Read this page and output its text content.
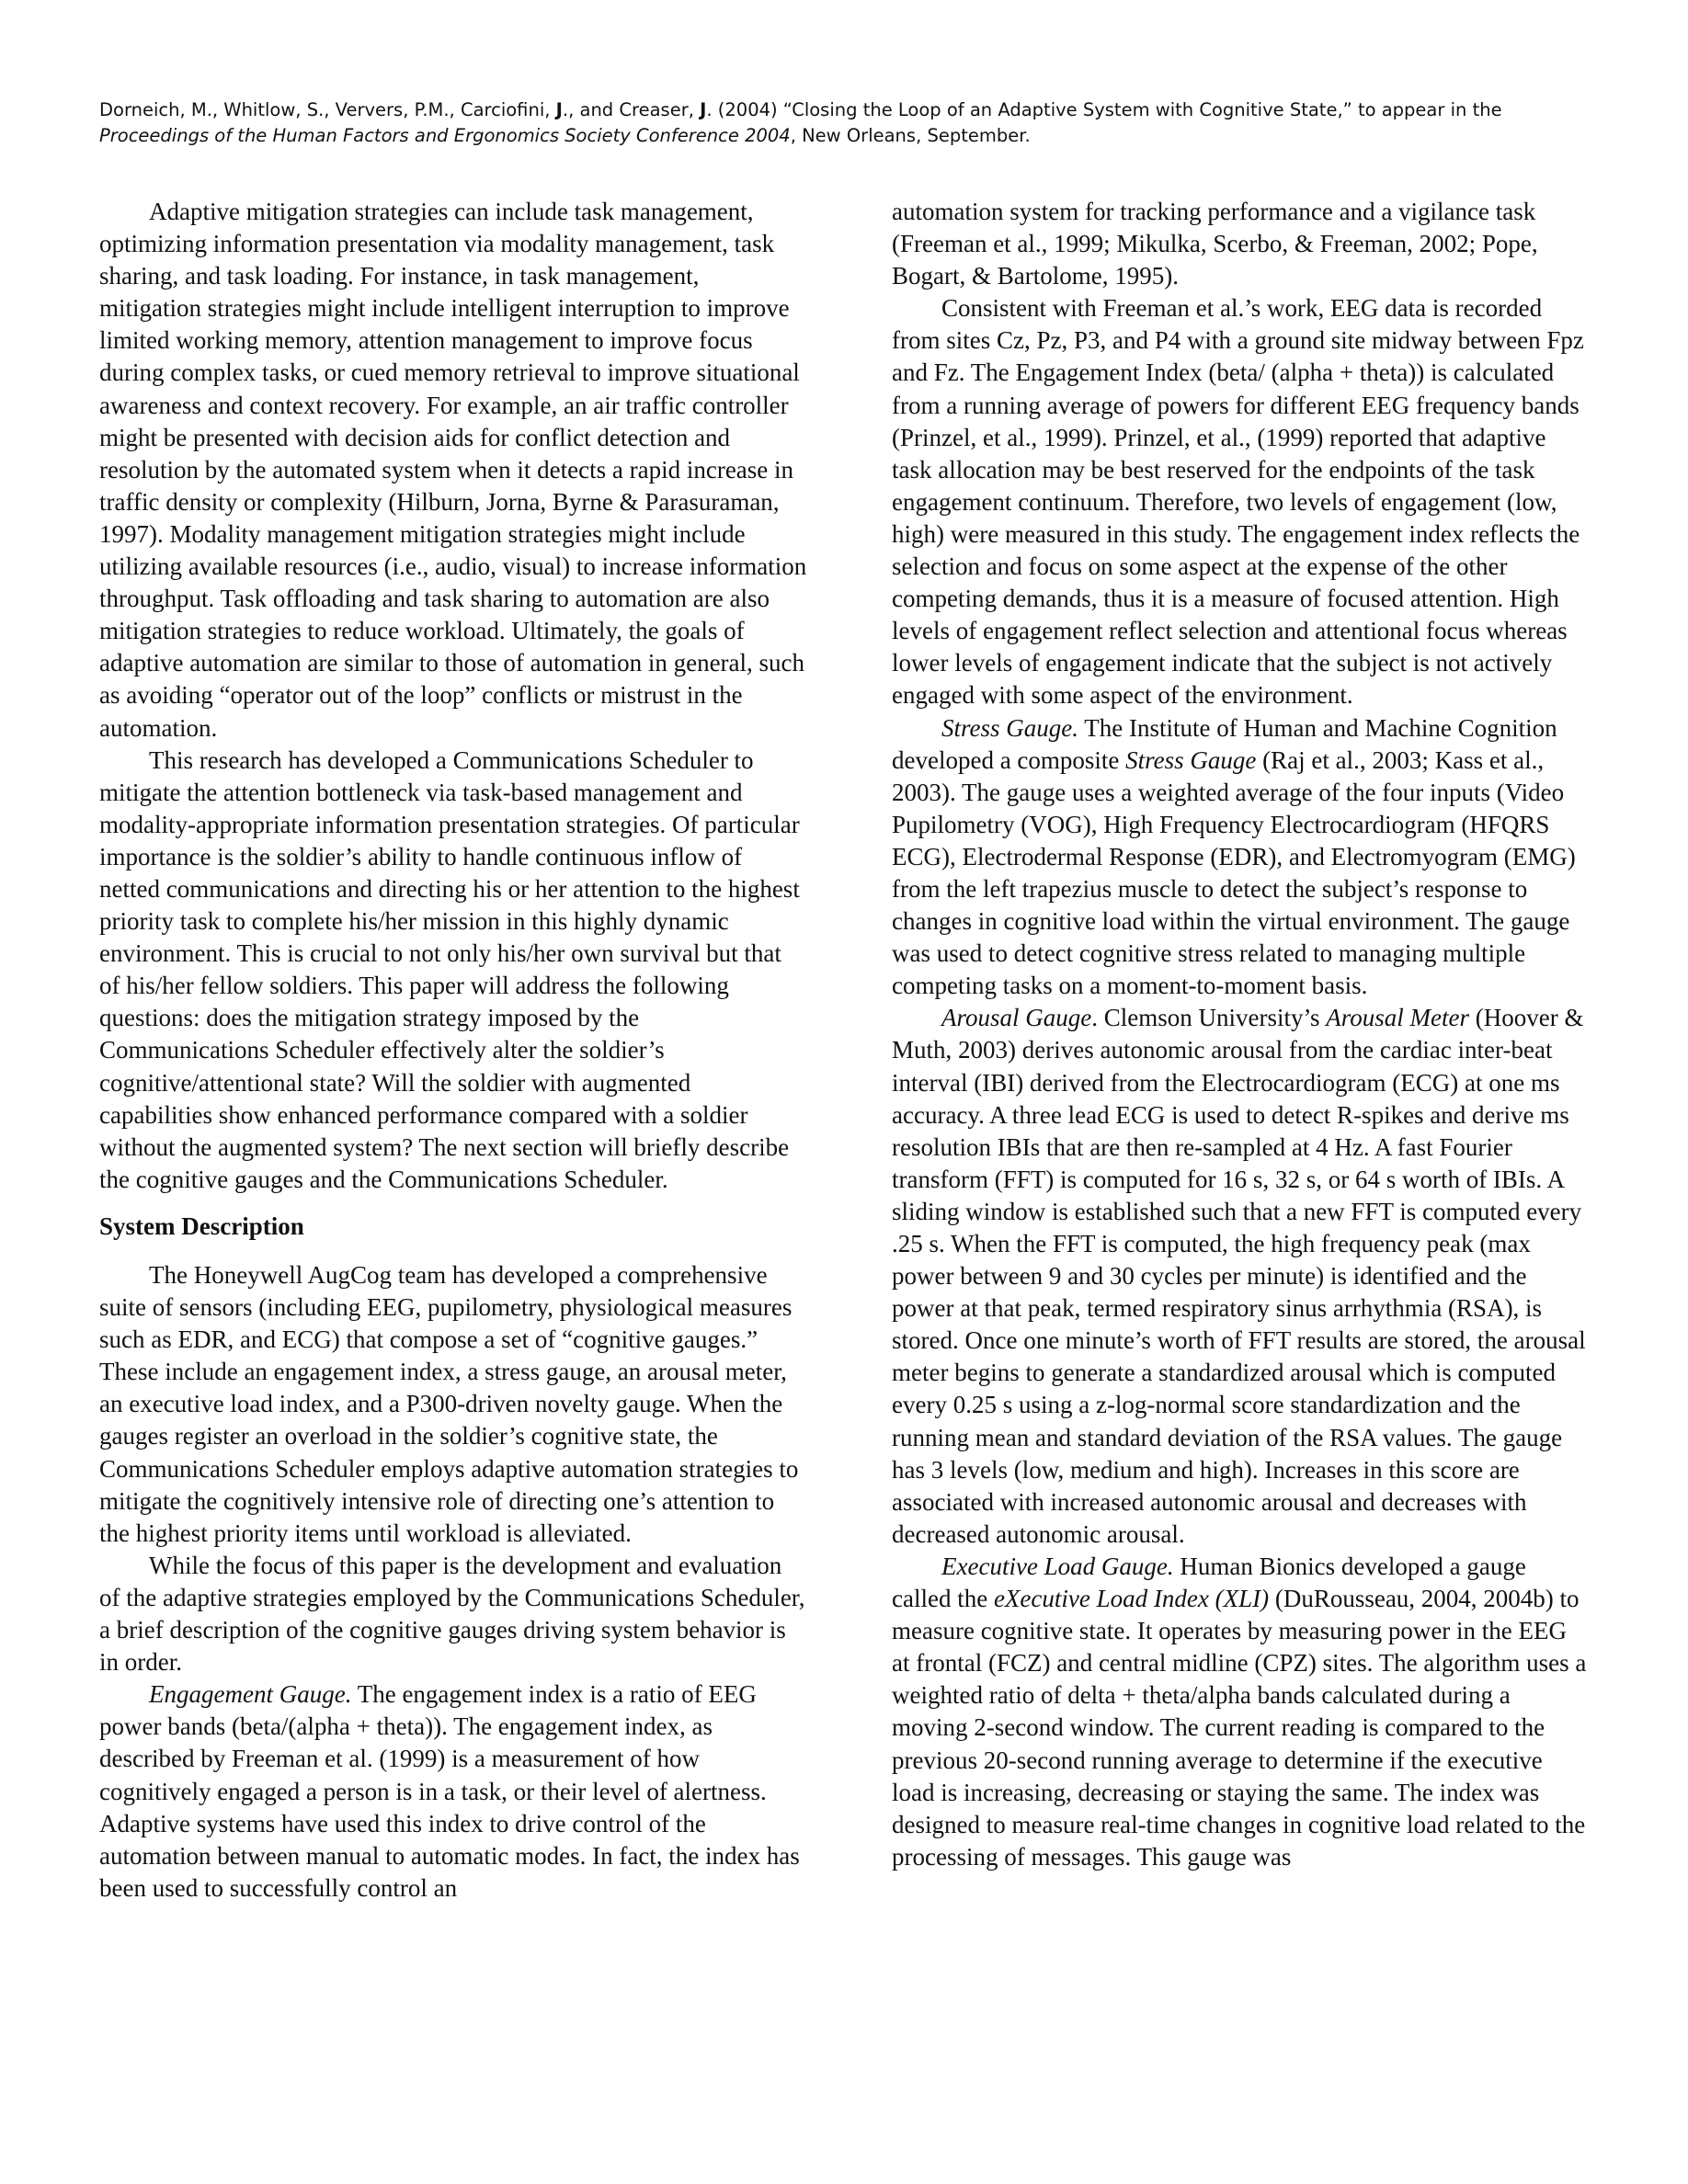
Dorneich, M., Whitlow, S., Ververs, P.M., Carciofini, J., and Creaser, J. (2004) “Closing the Loop of an Adaptive System with Cognitive State,” to appear in the Proceedings of the Human Factors and Ergonomics Society Conference 2004, New Orleans, September.

Adaptive mitigation strategies can include task management, optimizing information presentation via modality management, task sharing, and task loading. For instance, in task management, mitigation strategies might include intelligent interruption to improve limited working memory, attention management to improve focus during complex tasks, or cued memory retrieval to improve situational awareness and context recovery. For example, an air traffic controller might be presented with decision aids for conflict detection and resolution by the automated system when it detects a rapid increase in traffic density or complexity (Hilburn, Jorna, Byrne & Parasuraman, 1997). Modality management mitigation strategies might include utilizing available resources (i.e., audio, visual) to increase information throughput. Task offloading and task sharing to automation are also mitigation strategies to reduce workload. Ultimately, the goals of adaptive automation are similar to those of automation in general, such as avoiding “operator out of the loop” conflicts or mistrust in the automation.

This research has developed a Communications Scheduler to mitigate the attention bottleneck via task-based management and modality-appropriate information presentation strategies. Of particular importance is the soldier’s ability to handle continuous inflow of netted communications and directing his or her attention to the highest priority task to complete his/her mission in this highly dynamic environment. This is crucial to not only his/her own survival but that of his/her fellow soldiers. This paper will address the following questions: does the mitigation strategy imposed by the Communications Scheduler effectively alter the soldier’s cognitive/attentional state? Will the soldier with augmented capabilities show enhanced performance compared with a soldier without the augmented system? The next section will briefly describe the cognitive gauges and the Communications Scheduler.

System Description

The Honeywell AugCog team has developed a comprehensive suite of sensors (including EEG, pupilometry, physiological measures such as EDR, and ECG) that compose a set of “cognitive gauges.” These include an engagement index, a stress gauge, an arousal meter, an executive load index, and a P300-driven novelty gauge. When the gauges register an overload in the soldier’s cognitive state, the Communications Scheduler employs adaptive automation strategies to mitigate the cognitively intensive role of directing one’s attention to the highest priority items until workload is alleviated.

While the focus of this paper is the development and evaluation of the adaptive strategies employed by the Communications Scheduler, a brief description of the cognitive gauges driving system behavior is in order.

Engagement Gauge. The engagement index is a ratio of EEG power bands (beta/(alpha + theta)). The engagement index, as described by Freeman et al. (1999) is a measurement of how cognitively engaged a person is in a task, or their level of alertness. Adaptive systems have used this index to drive control of the automation between manual to automatic modes. In fact, the index has been used to successfully control an

automation system for tracking performance and a vigilance task (Freeman et al., 1999; Mikulka, Scerbo, & Freeman, 2002; Pope, Bogart, & Bartolome, 1995).

Consistent with Freeman et al.’s work, EEG data is recorded from sites Cz, Pz, P3, and P4 with a ground site midway between Fpz and Fz. The Engagement Index (beta/ (alpha + theta)) is calculated from a running average of powers for different EEG frequency bands (Prinzel, et al., 1999). Prinzel, et al., (1999) reported that adaptive task allocation may be best reserved for the endpoints of the task engagement continuum. Therefore, two levels of engagement (low, high) were measured in this study. The engagement index reflects the selection and focus on some aspect at the expense of the other competing demands, thus it is a measure of focused attention. High levels of engagement reflect selection and attentional focus whereas lower levels of engagement indicate that the subject is not actively engaged with some aspect of the environment.

Stress Gauge. The Institute of Human and Machine Cognition developed a composite Stress Gauge (Raj et al., 2003; Kass et al., 2003). The gauge uses a weighted average of the four inputs (Video Pupilometry (VOG), High Frequency Electrocardiogram (HFQRS ECG), Electrodermal Response (EDR), and Electromyogram (EMG) from the left trapezius muscle to detect the subject’s response to changes in cognitive load within the virtual environment. The gauge was used to detect cognitive stress related to managing multiple competing tasks on a moment-to-moment basis.

Arousal Gauge. Clemson University’s Arousal Meter (Hoover & Muth, 2003) derives autonomic arousal from the cardiac inter-beat interval (IBI) derived from the Electrocardiogram (ECG) at one ms accuracy. A three lead ECG is used to detect R-spikes and derive ms resolution IBIs that are then re-sampled at 4 Hz. A fast Fourier transform (FFT) is computed for 16 s, 32 s, or 64 s worth of IBIs. A sliding window is established such that a new FFT is computed every .25 s. When the FFT is computed, the high frequency peak (max power between 9 and 30 cycles per minute) is identified and the power at that peak, termed respiratory sinus arrhythmia (RSA), is stored. Once one minute’s worth of FFT results are stored, the arousal meter begins to generate a standardized arousal which is computed every 0.25 s using a z-log-normal score standardization and the running mean and standard deviation of the RSA values. The gauge has 3 levels (low, medium and high). Increases in this score are associated with increased autonomic arousal and decreases with decreased autonomic arousal.

Executive Load Gauge. Human Bionics developed a gauge called the eXecutive Load Index (XLI) (DuRousseau, 2004, 2004b) to measure cognitive state. It operates by measuring power in the EEG at frontal (FCZ) and central midline (CPZ) sites. The algorithm uses a weighted ratio of delta + theta/alpha bands calculated during a moving 2-second window. The current reading is compared to the previous 20-second running average to determine if the executive load is increasing, decreasing or staying the same. The index was designed to measure real-time changes in cognitive load related to the processing of messages. This gauge was
